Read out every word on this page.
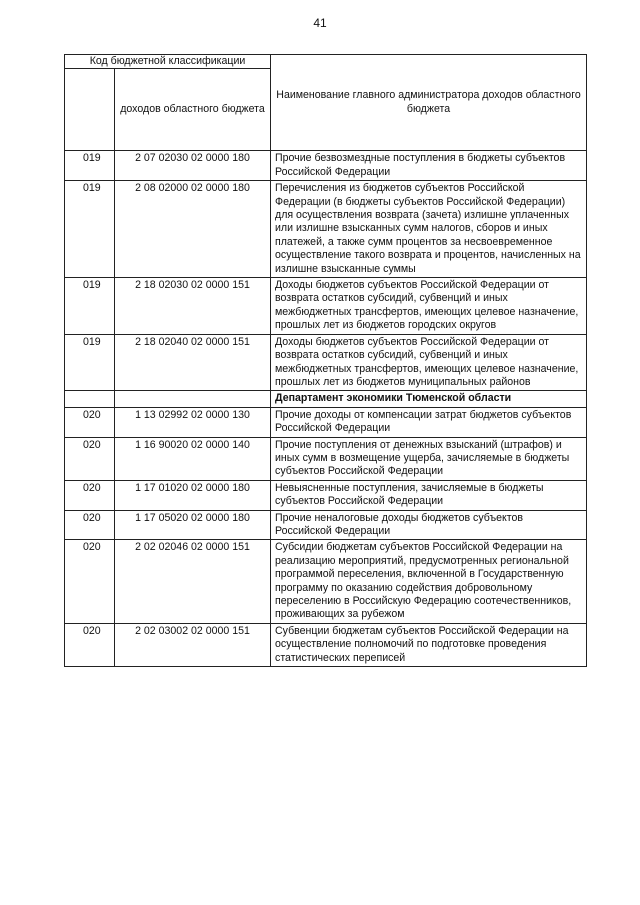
41
Код бюджетной классификации		Наименование главного администратора доходов областного бюджета
	доходов областного бюджета	
019	2 07 02030 02 0000 180	Прочие безвозмездные поступления в бюджеты субъектов Российской Федерации
019	2 08 02000 02 0000 180	Перечисления из бюджетов субъектов Российской Федерации (в бюджеты субъектов Российской Федерации) для осуществления возврата (зачета) излишне уплаченных или излишне взысканных сумм налогов, сборов и иных платежей, а также сумм процентов за несвоевременное осуществление такого возврата и процентов, начисленных на излишне взысканные суммы
019	2 18 02030 02 0000 151	Доходы бюджетов субъектов Российской Федерации от возврата остатков субсидий, субвенций и иных межбюджетных трансфертов, имеющих целевое назначение, прошлых лет из бюджетов городских округов
019	2 18 02040 02 0000 151	Доходы бюджетов субъектов Российской Федерации от возврата остатков субсидий, субвенций и иных межбюджетных трансфертов, имеющих целевое назначение, прошлых лет из бюджетов муниципальных районов
		Департамент экономики Тюменской области
020	1 13 02992 02 0000 130	Прочие доходы от компенсации затрат бюджетов субъектов Российской Федерации
020	1 16 90020 02 0000 140	Прочие поступления от денежных взысканий (штрафов) и иных сумм в возмещение ущерба, зачисляемые в бюджеты субъектов Российской Федерации
020	1 17 01020 02 0000 180	Невыясненные поступления, зачисляемые в бюджеты субъектов Российской Федерации
020	1 17 05020 02 0000 180	Прочие неналоговые доходы бюджетов субъектов Российской Федерации
020	2 02 02046 02 0000 151	Субсидии бюджетам субъектов Российской Федерации на реализацию мероприятий, предусмотренных региональной программой переселения, включенной в Государственную программу по оказанию содействия добровольному переселению в Российскую Федерацию соотечественников, проживающих за рубежом
020	2 02 03002 02 0000 151	Субвенции бюджетам субъектов Российской Федерации на осуществление полномочий по подготовке проведения статистических переписей
